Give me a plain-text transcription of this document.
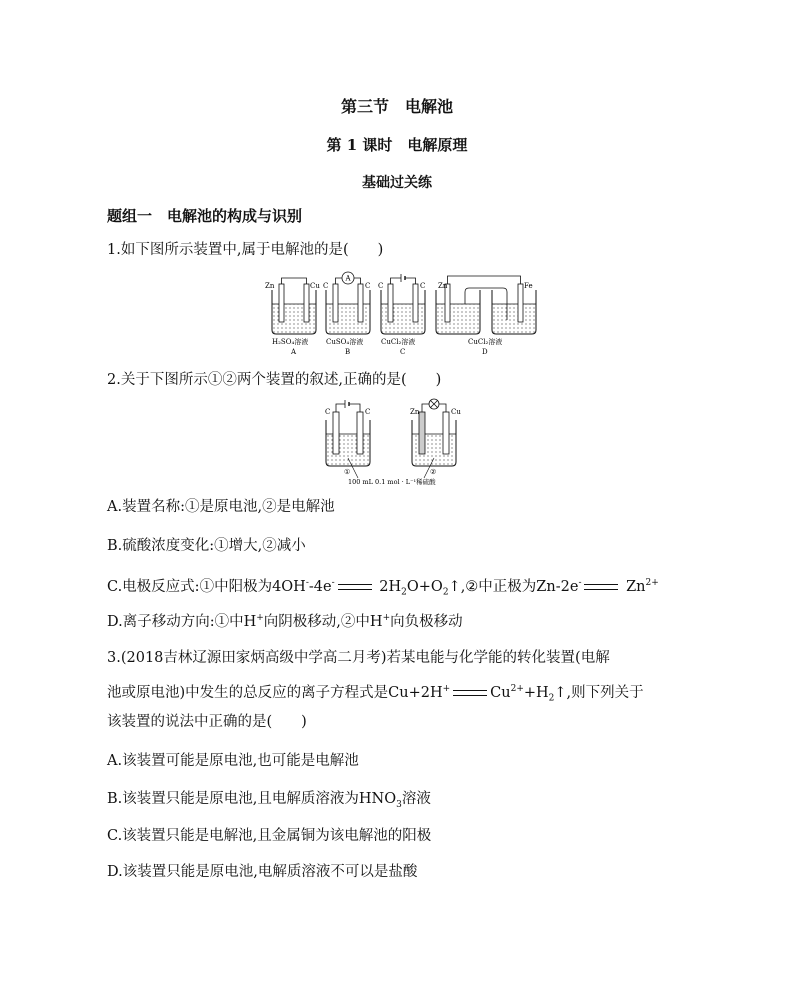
第三节　电解池
第 1 课时　电解原理
基础过关练
题组一　电解池的构成与识别
1.如下图所示装置中,属于电解池的是(　　)
Zn	Cu
H₂SO₄溶液
A
A
C	C
CuSO₄溶液
B
C	C
CuCl₂溶液
C
Zn	Fe
CuCl₂溶液
D
2.关于下图所示①②两个装置的叙述,正确的是(　　)
C	C
①
Zn	Cu
②
100 mL 0.1 mol · L⁻¹稀硫酸
A.装置名称:①是原电池,②是电解池
B.硫酸浓度变化:①增大,②减小
C.电极反应式:①中阳极为4OH--4e-	$2H_2O+O_2↑,②$中正极为Zn-2e-	$Zn^{2+}$
D.离子移动方向:①中H+向阴极移动,②中H+向负极移动
3.(2018吉林辽源田家炳高级中学高二月考)若某电能与化学能的转化装置(电解
池或原电池)中发生的总反应的离子方程式是Cu+2H+	$Cu^{2+}+H_2↑$,则下列关于
该装置的说法中正确的是(　　)
A.该装置可能是原电池,也可能是电解池
B.该装置只能是原电池,且电解质溶液为$HNO_3$溶液
C.该装置只能是电解池,且金属铜为该电解池的阳极
D.该装置只能是原电池,电解质溶液不可以是盐酸
